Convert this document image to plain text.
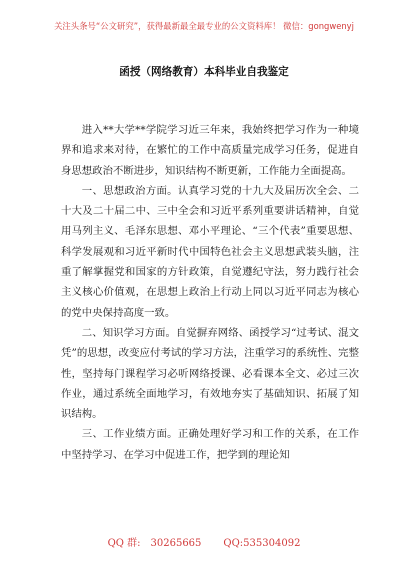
关注头条号“公文研究”，获得最新最全最专业的公文资料库！ 微信：gongwenyj
函授（网络教育）本科毕业自我鉴定

进入**大学**学院学习近三年来，我始终把学习作为一种境界和追求来对待，在繁忙的工作中高质量完成学习任务，促进自身思想政治不断进步，知识结构不断更新，工作能力全面提高。

一、思想政治方面。认真学习党的十九大及届历次全会、二十大及二十届二中、三中全会和习近平系列重要讲话精神，自觉用马列主义、毛泽东思想、邓小平理论、“三个代表”重要思想、科学发展观和习近平新时代中国特色社会主义思想武装头脑，注重了解掌握党和国家的方针政策，自觉遵纪守法，努力践行社会主义核心价值观，在思想上政治上行动上同以习近平同志为核心的党中央保持高度一致。

二、知识学习方面。自觉摒弃网络、函授学习“过考试、混文凭”的思想，改变应付考试的学习方法，注重学习的系统性、完整性，坚持每门课程学习必听网络授课、必看课本全文、必过三次作业，通过系统全面地学习，有效地夯实了基础知识、拓展了知识结构。

三、工作业绩方面。正确处理好学习和工作的关系，在工作中坚持学习、在学习中促进工作，把学到的理论知

QQ 群:　30265665 QQ:535304092
